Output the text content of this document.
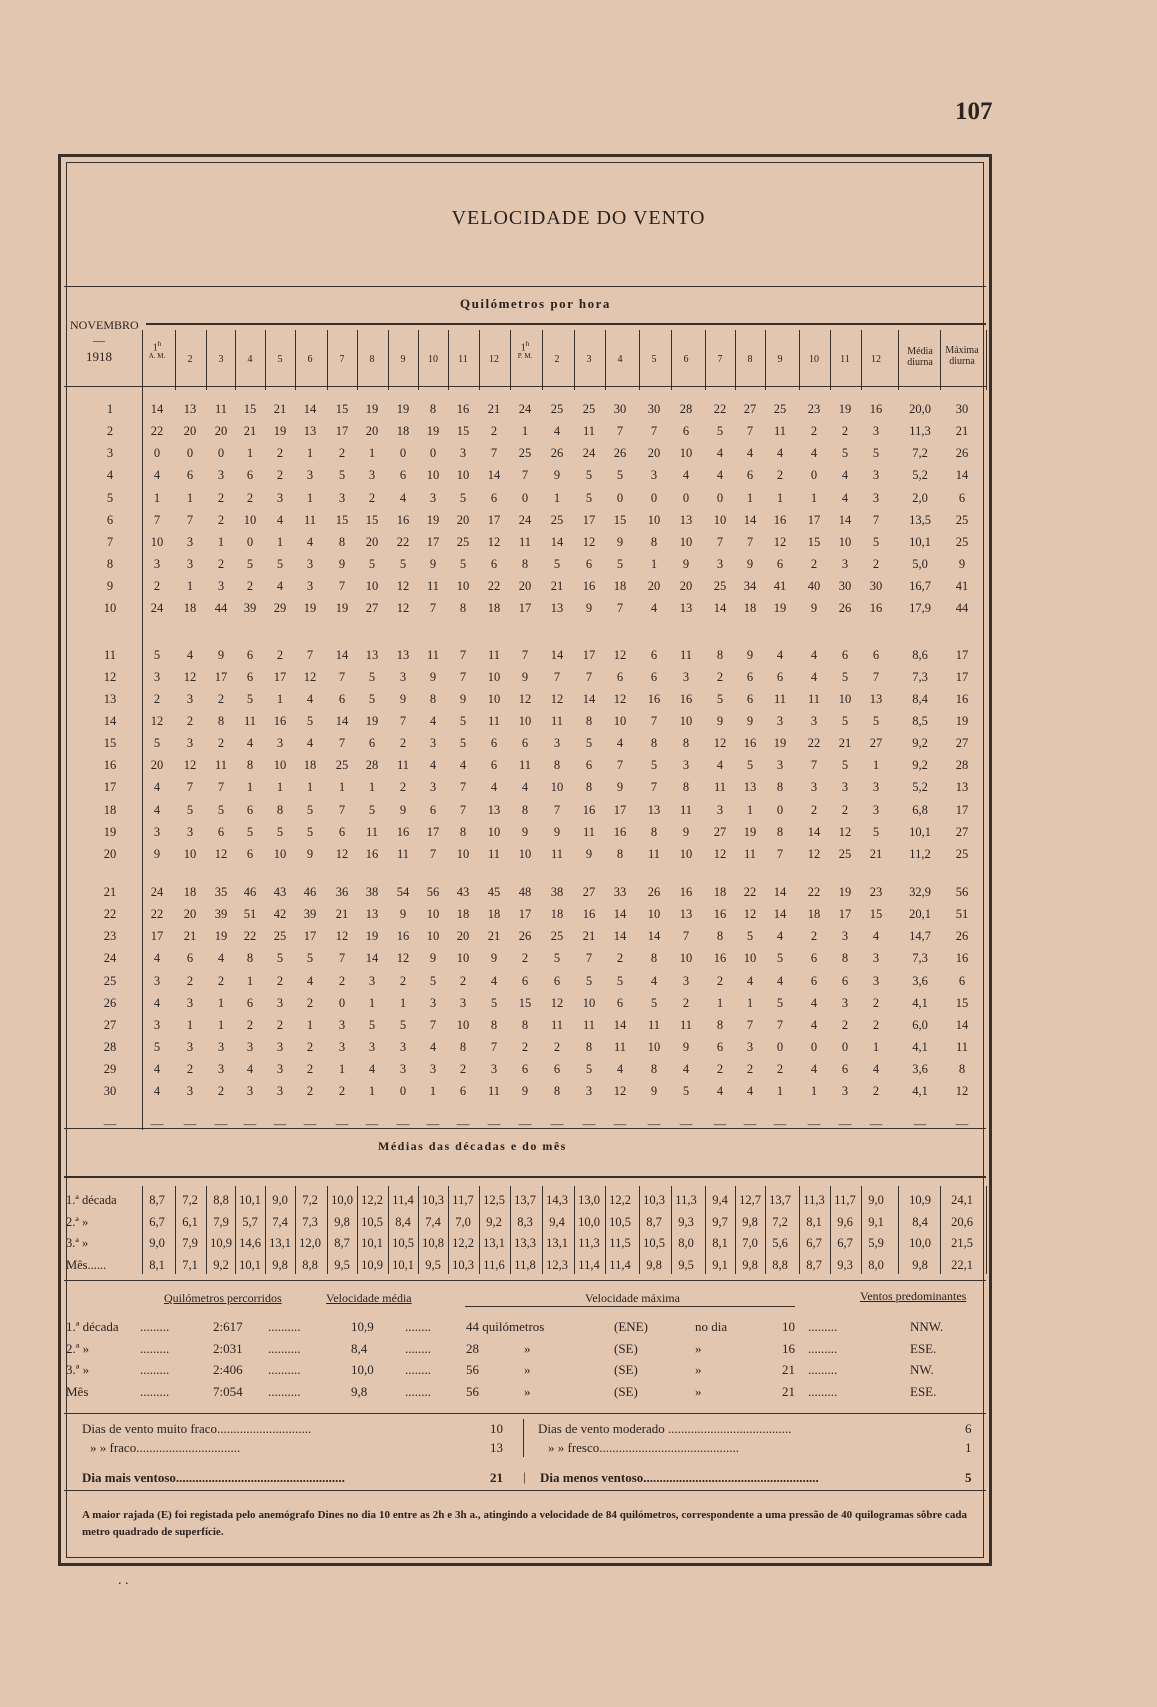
107
VELOCIDADE DO VENTO
Quilómetros por hora
NOVEMBRO
1918
—
1$^h$
A. M.	2	3	4	5	6	7	8	9	10	11	12
1$^h$
P. M.	2	3	4	5	6	7	8	9	10	11	12
Média diurna
Máxima diurna
1	14	13	11	15	21	14	15	19	19	8	16	21	24	25	25	30	30	28	22	27	25	23	19	16	20,0	30
2	22	20	20	21	19	13	17	20	18	19	15	2	1	4	11	7	7	6	5	7	11	2	2	3	11,3	21
3	0	0	0	1	2	1	2	1	0	0	3	7	25	26	24	26	20	10	4	4	4	4	5	5	7,2	26
4	4	6	3	6	2	3	5	3	6	10	10	14	7	9	5	5	3	4	4	6	2	0	4	3	5,2	14
5	1	1	2	2	3	1	3	2	4	3	5	6	0	1	5	0	0	0	0	1	1	1	4	3	2,0	6
6	7	7	2	10	4	11	15	15	16	19	20	17	24	25	17	15	10	13	10	14	16	17	14	7	13,5	25
7	10	3	1	0	1	4	8	20	22	17	25	12	11	14	12	9	8	10	7	7	12	15	10	5	10,1	25
8	3	3	2	5	5	3	9	5	5	9	5	6	8	5	6	5	1	9	3	9	6	2	3	2	5,0	9
9	2	1	3	2	4	3	7	10	12	11	10	22	20	21	16	18	20	20	25	34	41	40	30	30	16,7	41
10	24	18	44	39	29	19	19	27	12	7	8	18	17	13	9	7	4	13	14	18	19	9	26	16	17,9	44
11	5	4	9	6	2	7	14	13	13	11	7	11	7	14	17	12	6	11	8	9	4	4	6	6	8,6	17
12	3	12	17	6	17	12	7	5	3	9	7	10	9	7	7	6	6	3	2	6	6	4	5	7	7,3	17
13	2	3	2	5	1	4	6	5	9	8	9	10	12	12	14	12	16	16	5	6	11	11	10	13	8,4	16
14	12	2	8	11	16	5	14	19	7	4	5	11	10	11	8	10	7	10	9	9	3	3	5	5	8,5	19
15	5	3	2	4	3	4	7	6	2	3	5	6	6	3	5	4	8	8	12	16	19	22	21	27	9,2	27
16	20	12	11	8	10	18	25	28	11	4	4	6	11	8	6	7	5	3	4	5	3	7	5	1	9,2	28
17	4	7	7	1	1	1	1	1	2	3	7	4	4	10	8	9	7	8	11	13	8	3	3	3	5,2	13
18	4	5	5	6	8	5	7	5	9	6	7	13	8	7	16	17	13	11	3	1	0	2	2	3	6,8	17
19	3	3	6	5	5	5	6	11	16	17	8	10	9	9	11	16	8	9	27	19	8	14	12	5	10,1	27
20	9	10	12	6	10	9	12	16	11	7	10	11	10	11	9	8	11	10	12	11	7	12	25	21	11,2	25
21	24	18	35	46	43	46	36	38	54	56	43	45	48	38	27	33	26	16	18	22	14	22	19	23	32,9	56
22	22	20	39	51	42	39	21	13	9	10	18	18	17	18	16	14	10	13	16	12	14	18	17	15	20,1	51
23	17	21	19	22	25	17	12	19	16	10	20	21	26	25	21	14	14	7	8	5	4	2	3	4	14,7	26
24	4	6	4	8	5	5	7	14	12	9	10	9	2	5	7	2	8	10	16	10	5	6	8	3	7,3	16
25	3	2	2	1	2	4	2	3	2	5	2	4	6	6	5	5	4	3	2	4	4	6	6	3	3,6	6
26	4	3	1	6	3	2	0	1	1	3	3	5	15	12	10	6	5	2	1	1	5	4	3	2	4,1	15
27	3	1	1	2	2	1	3	5	5	7	10	8	8	11	11	14	11	11	8	7	7	4	2	2	6,0	14
28	5	3	3	3	3	2	3	3	3	4	8	7	2	2	8	11	10	9	6	3	0	0	0	1	4,1	11
29	4	2	3	4	3	2	1	4	3	3	2	3	6	6	5	4	8	4	2	2	2	4	6	4	3,6	8
30	4	3	2	3	3	2	2	1	0	1	6	11	9	8	3	12	9	5	4	4	1	1	3	2	4,1	12
—	—	—	—	—	—	—	—	—	—	—	—	—	—	—	—	—	—	—	—	—	—	—	—	—	—	—
Médias das décadas e do mês
1.ª década	8,7	7,2	8,8 10,1 9,0	7,2	10,0 12,2 11,4 10,3 11,7 12,5 13,7 14,3 13,0 12,2 10,3 11,3	9,4 12,7 13,7 11,3 11,7 9,0	10,9	24,1
2.ª »	6,7	6,1	7,9	5,7	7,4	7,3	9,8 10,5 8,4	7,4	7,0	9,2	8,3	9,4	10,0 10,5	8,7	9,3	9,7	9,8	7,2	8,1	9,6	9,1	8,4	20,6
3.ª »	9,0	7,9 10,9 14,6 13,1 12,0	8,7 10,1 10,5 10,8 12,2 13,1 13,3 13,1 11,3 11,5 10,5	8,0	8,1	7,0	5,6	6,7	6,7	5,9	10,0	21,5
Mês......	8,1	7,1	9,2 10,1 9,8	8,8	9,5 10,9 10,1 9,5 10,3 11,6 11,8 12,3 11,4 11,4	9,8	9,5	9,1	9,8	8,8	8,7	9,3	8,0	9,8	22,1
Quilómetros percorridos	Velocidade média	Velocidade máxima	Ventos predominantes
1.ª década .........	2:617 ..........	10,9 ........	44 quilómetros	(ENE)	no dia	10 .........	NNW.
2.ª »	.........	2:031 ..........	8,4	........	28	»	(SE)	»	16 .........	ESE.
3.ª »	.........	2:406 ..........	10,0 ........	56	»	(SE)	»	21 .........	NW.
Mês	.........	7:054 ..........	9,8	........	56	»	(SE)	»	21 .........	ESE.
Dias de vento muito fraco.............................	10
» » fraco................................	13
Dias de vento moderado ......................................	6
» » fresco...........................................	1
Dia mais ventoso....................................................	21 | Dia menos ventoso......................................................	5
A maior rajada (E) foi registada pelo anemógrafo Dines no dia 10 entre as 2h e 3h a., atingindo a velocidade de 84 quilómetros, correspondente a uma pressão de 40 quilogramas sôbre cada metro quadrado de superfície.
. .
